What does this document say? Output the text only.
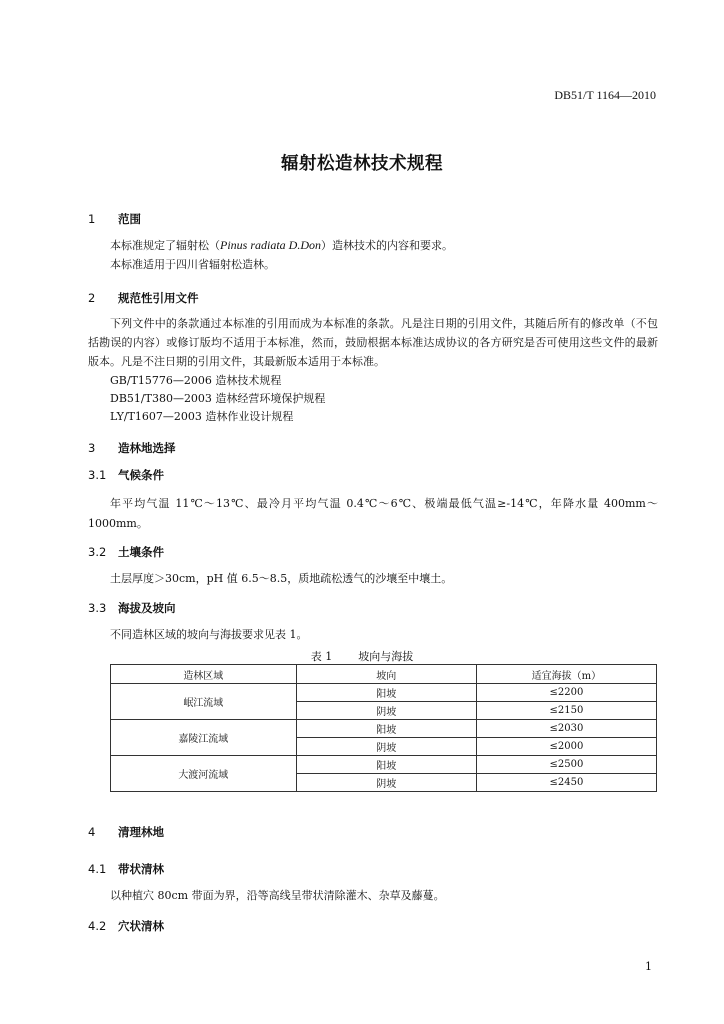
DB51/T 1164—2010
辐射松造林技术规程
1 范围
本标准规定了辐射松（Pinus radiata D.Don）造林技术的内容和要求。
本标准适用于四川省辐射松造林。
2 规范性引用文件
下列文件中的条款通过本标准的引用而成为本标准的条款。凡是注日期的引用文件，其随后所有的修改单（不包括勘误的内容）或修订版均不适用于本标准，然而，鼓励根据本标准达成协议的各方研究是否可使用这些文件的最新版本。凡是不注日期的引用文件，其最新版本适用于本标准。
GB/T15776—2006 造林技术规程
DB51/T380—2003 造林经营环境保护规程
LY/T1607—2003 造林作业设计规程
3 造林地选择
3.1 气候条件
年平均气温 11℃～13℃、最冷月平均气温 0.4℃～6℃、极端最低气温≥-14℃，年降水量 400mm～1000mm。
3.2 土壤条件
土层厚度＞30cm，pH 值 6.5～8.5，质地疏松透气的沙壤至中壤土。
3.3 海拔及坡向
不同造林区域的坡向与海拔要求见表 1。
表 1 坡向与海拔
造林区域	坡向	适宜海拔（m）
岷江流域	阳坡	≤2200
	阴坡	≤2150
嘉陵江流域	阳坡	≤2030
	阴坡	≤2000
大渡河流域	阳坡	≤2500
	阴坡	≤2450
4 清理林地
4.1 带状清林
以种植穴 80cm 带面为界，沿等高线呈带状清除灌木、杂草及藤蔓。
4.2 穴状清林
1
